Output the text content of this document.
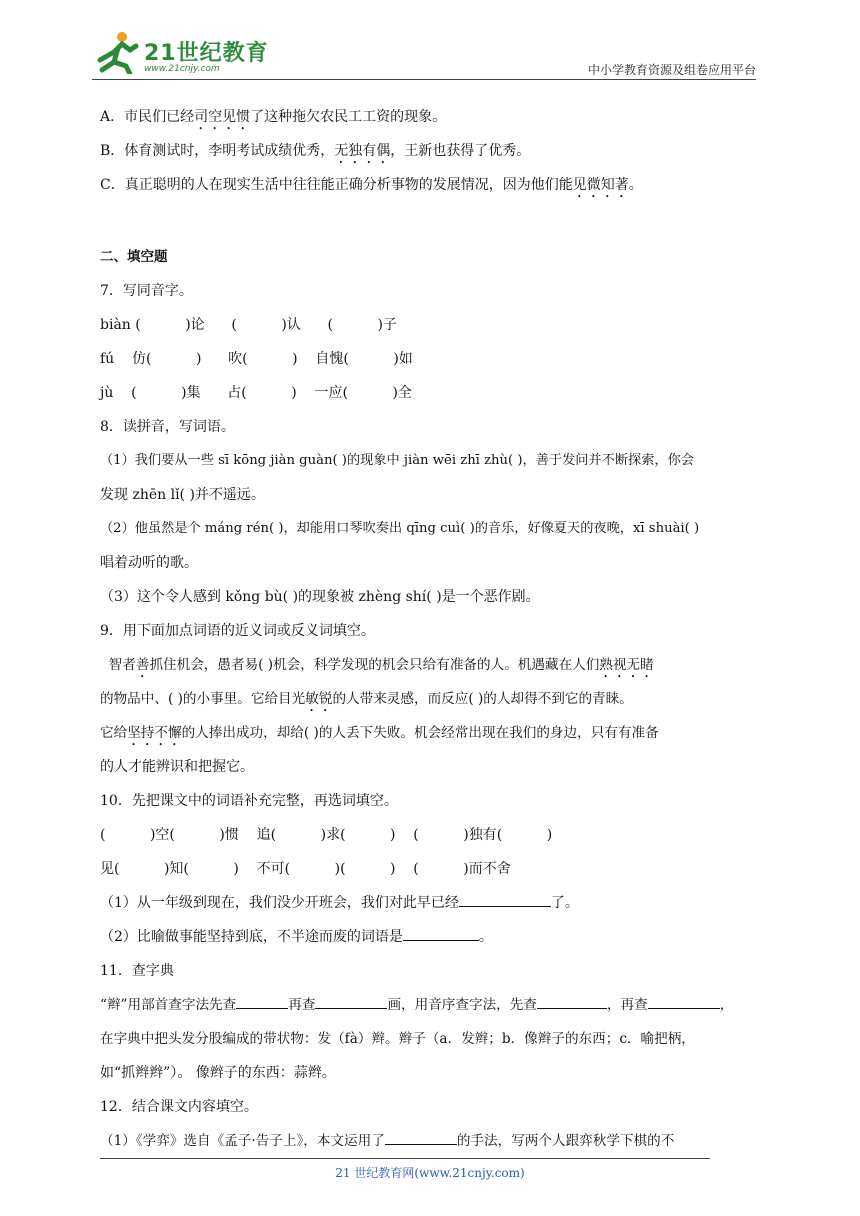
21世纪教育
www.21cnjy.com	中小学教育资源及组卷应用平台

A．市民们已经司空见惯了这种拖欠农民工工资的现象。

B．体育测试时，李明考试成绩优秀，无独有偶，王新也获得了优秀。

C．真正聪明的人在现实生活中往往能正确分析事物的发展情况，因为他们能见微知著。

二、填空题

7．写同音字。

biàn (          )论      (          )认      (          )子

fú    仿(          )      吹(          )    自愧(          )如

jù    (          )集      占(          )    一应(          )全

8．读拼音，写词语。

（1）我们要从一些 sī kōng jiàn guàn( )的现象中 jiàn wēi zhī zhù( )，善于发问并不断探索，你会

发现 zhēn lǐ( )并不遥远。

（2）他虽然是个 máng rén( )，却能用口琴吹奏出 qīng cuì( )的音乐，好像夏天的夜晚，xī shuài( )

唱着动听的歌。

（3）这个令人感到 kǒng bù( )的现象被 zhèng shí( )是一个恶作剧。

9．用下面加点词语的近义词或反义词填空。

智者善抓住机会，愚者易( )机会，科学发现的机会只给有准备的人。机遇藏在人们熟视无睹

的物品中、( )的小事里。它给目光敏锐的人带来灵感，而反应( )的人却得不到它的青睐。

它给坚持不懈的人捧出成功，却给( )的人丢下失败。机会经常出现在我们的身边，只有有准备

的人才能辨识和把握它。

10．先把课文中的词语补充完整，再选词填空。

(          )空(          )惯    追(          )求(          )    (          )独有(          )

见(          )知(          )    不可(          )(          )    (          )而不舍

（1）从一年级到现在，我们没少开班会，我们对此早已经	了。

（2）比喻做事能坚持到底，不半途而废的词语是	。

11．查字典

“辫”用部首查字法先查	再查	画，用音序查字法，先查	，再查	，

在字典中把头发分股编成的带状物：发（fà）辫。辫子（a．发辫；b．像辫子的东西；c．喻把柄，

如“抓辫辫”）。 像辫子的东西：蒜辫。

12．结合课文内容填空。

（1）《学弈》选自《孟子·告子上》，本文运用了	的手法，写两个人跟弈秋学下棋的不

21 世纪教育网(www.21cnjy.com)
